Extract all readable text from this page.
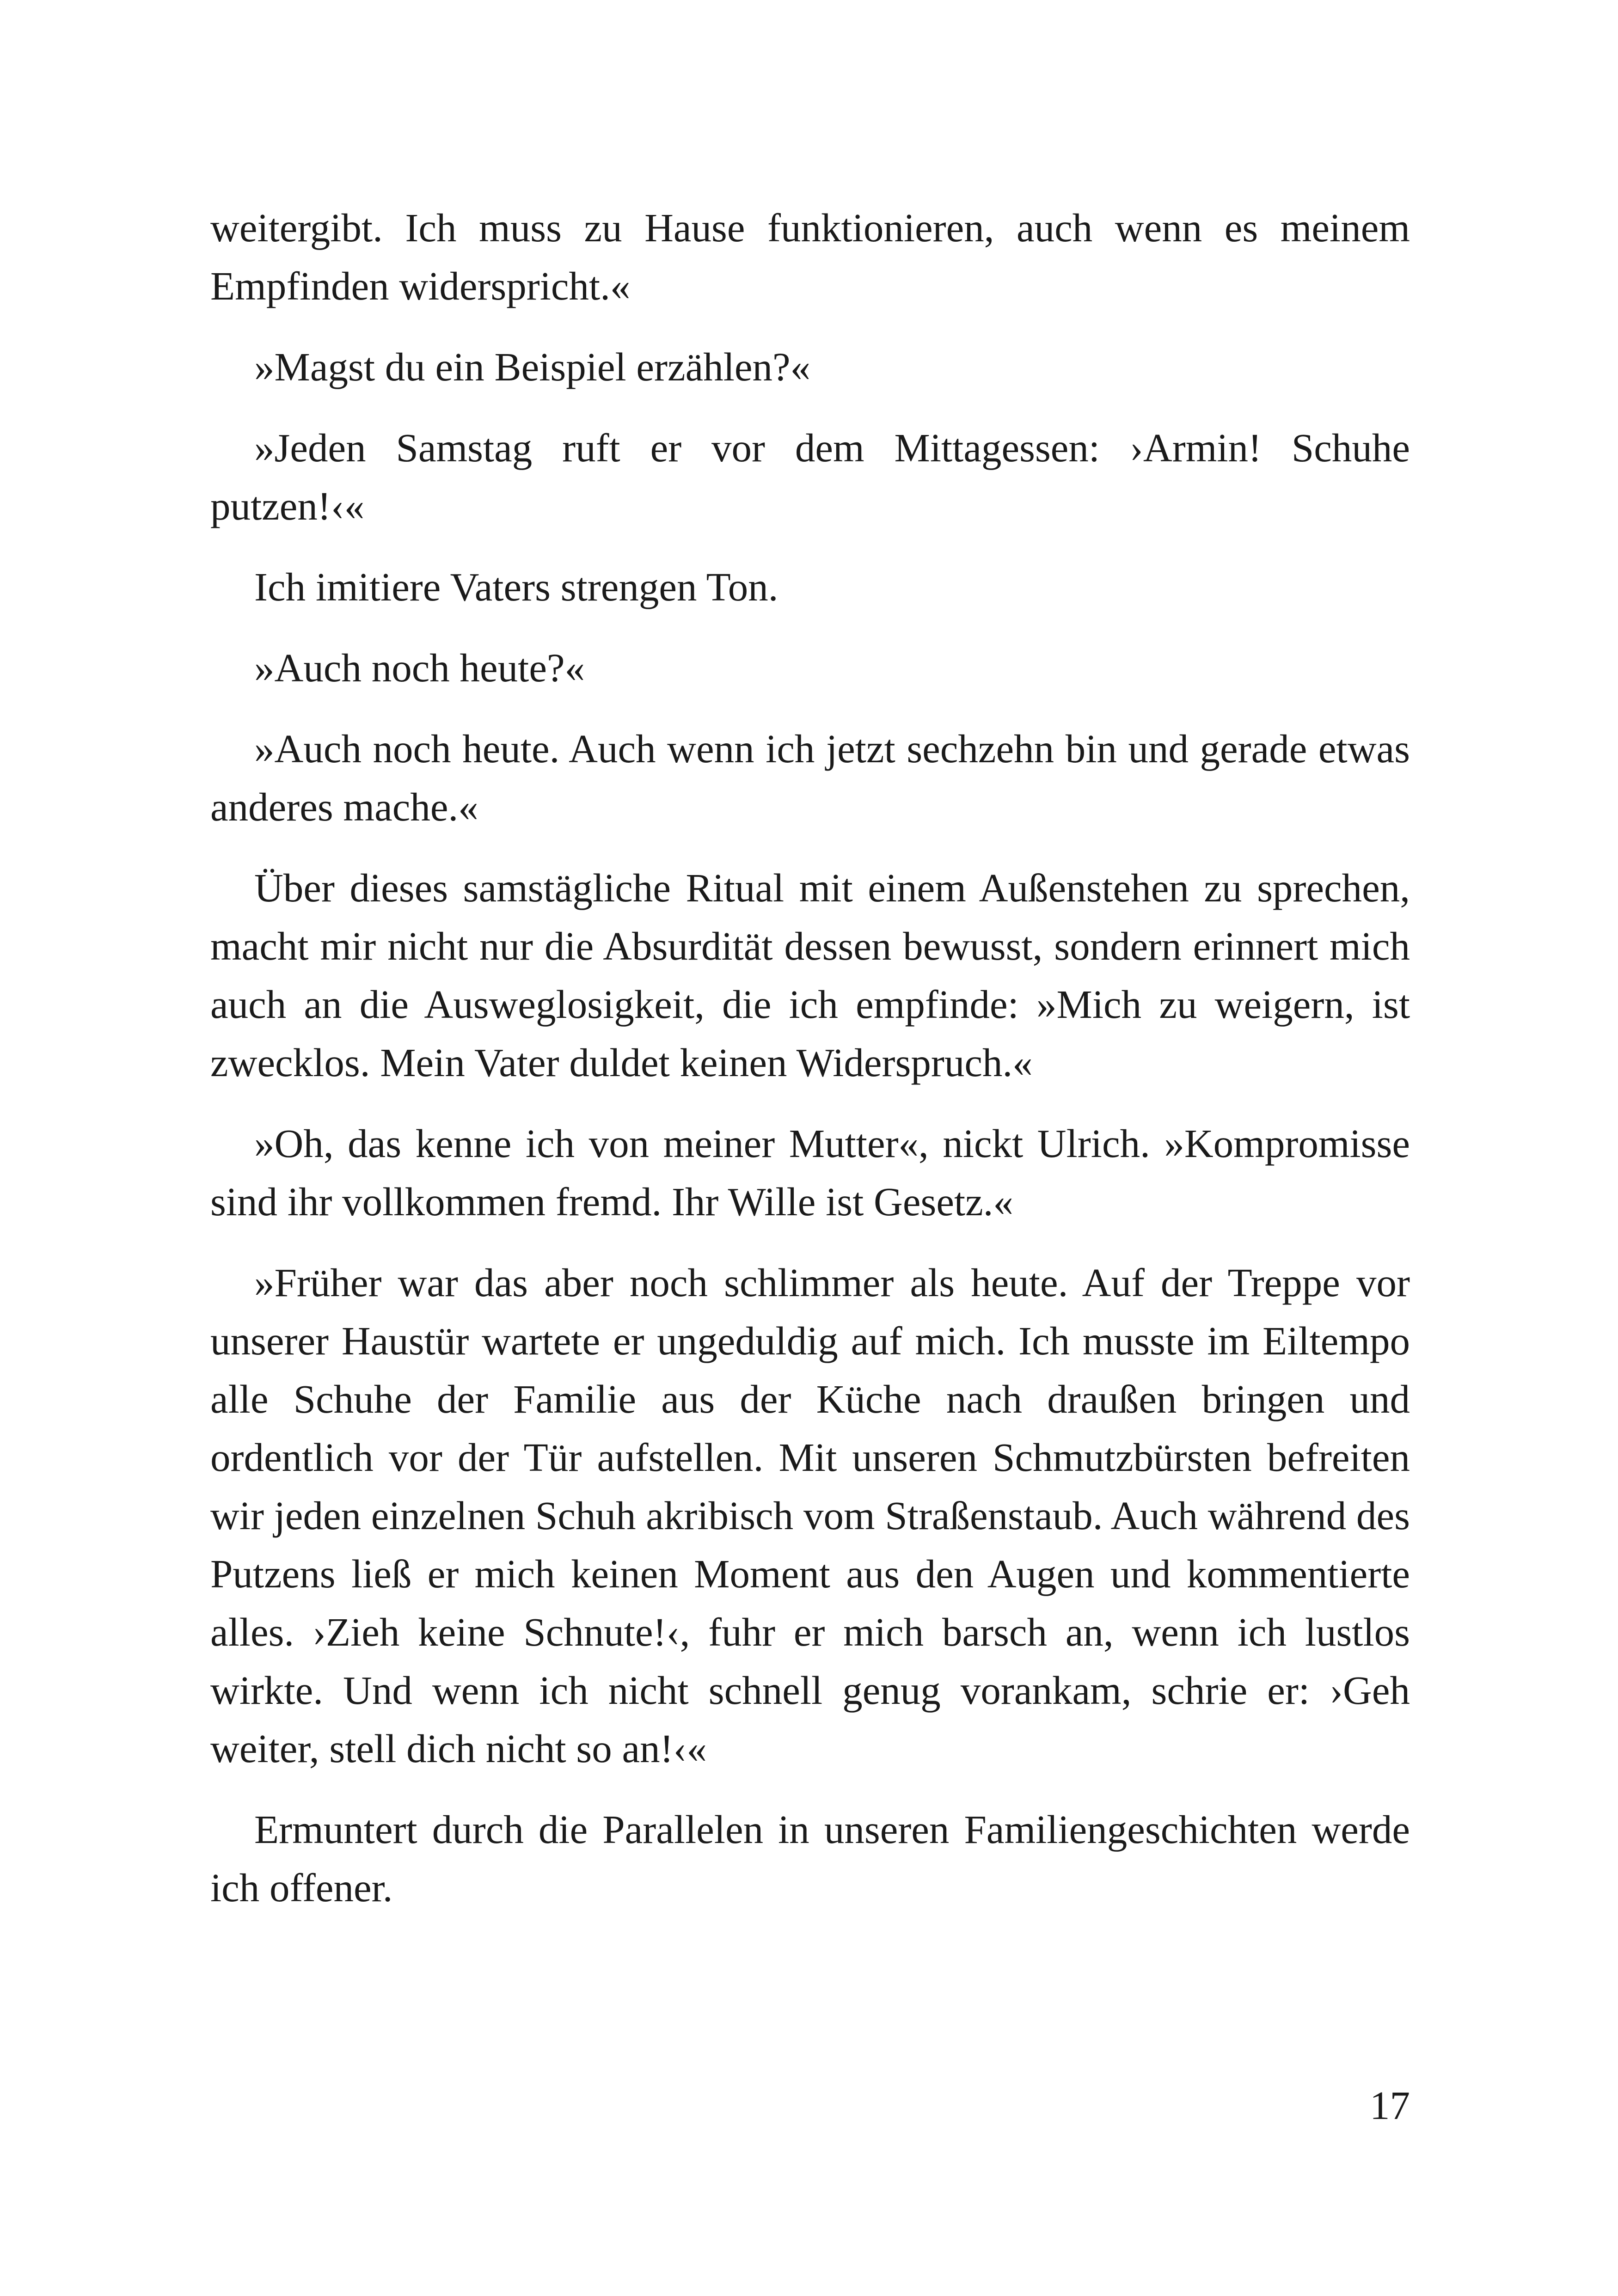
weitergibt. Ich muss zu Hause funktionieren, auch wenn es meinem Empfinden widerspricht.«

»Magst du ein Beispiel erzählen?«

»Jeden Samstag ruft er vor dem Mittagessen: ›Armin! Schuhe putzen!‹«

Ich imitiere Vaters strengen Ton.

»Auch noch heute?«

»Auch noch heute. Auch wenn ich jetzt sechzehn bin und gerade etwas anderes mache.«

Über dieses samstägliche Ritual mit einem Außenstehen zu sprechen, macht mir nicht nur die Absurdität dessen bewusst, sondern erinnert mich auch an die Ausweglosigkeit, die ich empfinde: »Mich zu weigern, ist zwecklos. Mein Vater duldet keinen Widerspruch.«

»Oh, das kenne ich von meiner Mutter«, nickt Ulrich. »Kompromisse sind ihr vollkommen fremd. Ihr Wille ist Gesetz.«

»Früher war das aber noch schlimmer als heute. Auf der Treppe vor unserer Haustür wartete er ungeduldig auf mich. Ich musste im Eiltempo alle Schuhe der Familie aus der Küche nach draußen bringen und ordentlich vor der Tür aufstellen. Mit unseren Schmutzbürsten befreiten wir jeden einzelnen Schuh akribisch vom Straßenstaub. Auch während des Putzens ließ er mich keinen Moment aus den Augen und kommentierte alles. ›Zieh keine Schnute!‹, fuhr er mich barsch an, wenn ich lustlos wirkte. Und wenn ich nicht schnell genug vorankam, schrie er: ›Geh weiter, stell dich nicht so an!‹«

Ermuntert durch die Parallelen in unseren Familiengeschichten werde ich offener.

17
